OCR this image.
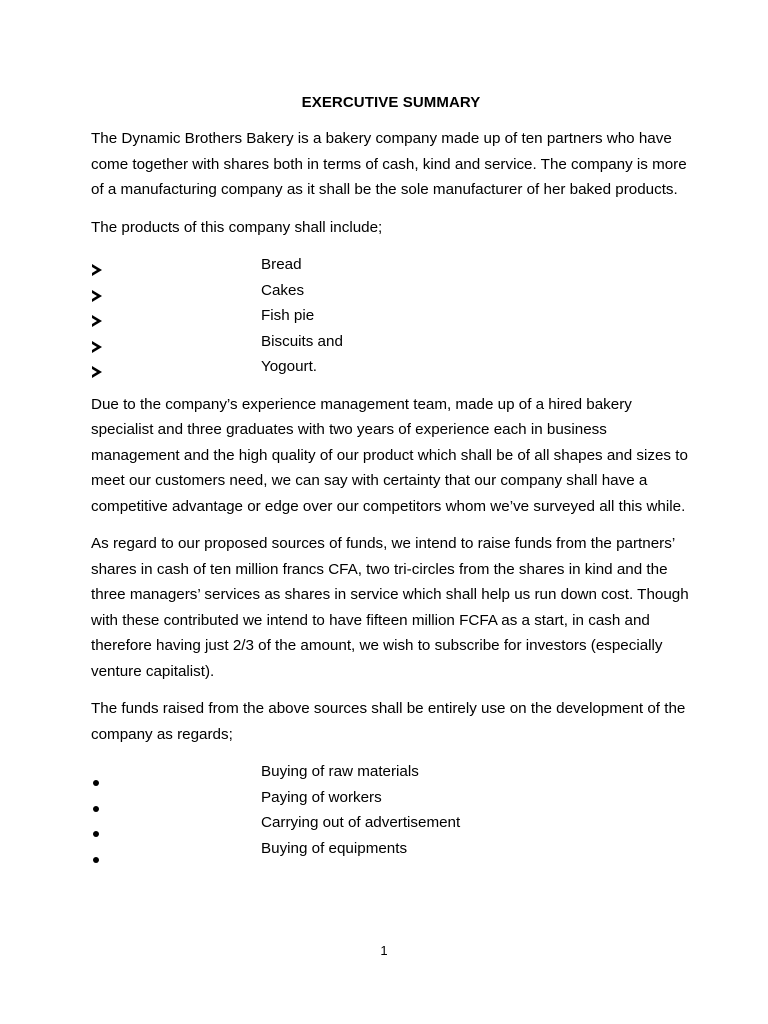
EXERCUTIVE SUMMARY

The Dynamic Brothers Bakery is a bakery company made up of ten partners who have come together with shares both in terms of cash, kind and service. The company is more of a manufacturing company as it shall be the sole manufacturer of her baked products.

The products of this company shall include;

Bread
Cakes
Fish pie
Biscuits and
Yogourt.

Due to the company’s experience management team, made up of a hired bakery specialist and three graduates with two years of experience each in business management and the high quality of our product which shall be of all shapes and sizes to meet our customers need, we can say with certainty that our company shall have a competitive advantage or edge over our competitors whom we’ve surveyed all this while.

As regard to our proposed sources of funds, we intend to raise funds from the partners’ shares in cash of ten million francs CFA, two tri-circles from the shares in kind and the three managers’ services as shares in service which shall help us run down cost. Though with these contributed we intend to have fifteen million FCFA as a start, in cash and therefore having just 2/3 of the amount, we wish to subscribe for investors (especially venture capitalist).

The funds raised from the above sources shall be entirely use on the development of the company as regards;

Buying of raw materials
Paying of workers
Carrying out of advertisement
Buying of equipments
1
